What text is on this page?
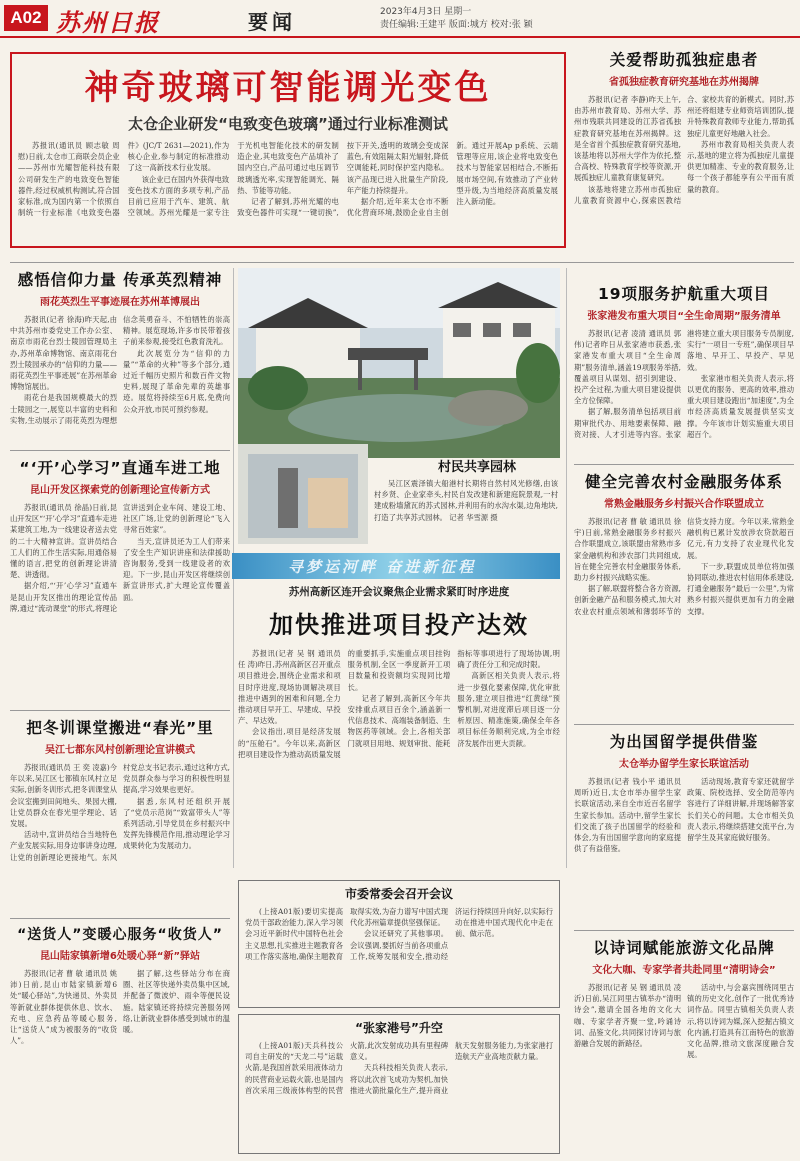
A02 苏州日报	要闻	2023年4月3日 星期一
责任编辑:王建平 版面:城方 校对:张 颖
神奇玻璃可智能调光变色
太仓企业研发“电致变色玻璃”通过行业标准测试

苏报讯(通讯员 顾志敏 周慰)日前,太仓市工商联会员企业——苏州市光耀智能科技有限公司研发生产的电致变色智能器件,经过权威机构测试,符合国家标准,成为国内第一个依照自制统一行业标准《电致变色器件》(JC/T 2631—2021),作为核心企业,参与制定的标准推动了这一高新技术行业发展。

该企业已在国内外获得电致变色技术方面的多项专利,产品目前已应用于汽车、建筑、航空领域。苏州光耀是一家专注于光机电智能化技术的研发制造企业,其电致变色产品填补了国内空白,产品可通过电压调节玻璃透光率,实现智能调光、隔热、节能等功能。

记者了解到,苏州光耀的电致变色器件可实现“一键切换”,按下开关,透明的玻璃会变成深蓝色,有效阻隔太阳光辐射,降低空调能耗,同时保护室内隐私。该产品现已进入批量生产阶段,年产能力持续提升。

据介绍,近年来太仓市不断优化营商环境,鼓励企业自主创新。通过开展Ap p系统、云端管理等应用,该企业将电致变色技术与智能家居相结合,不断拓展市场空间,有效推动了产业转型升级,为当地经济高质量发展注入新动能。

关爱帮助孤独症患者
省孤独症教育研究基地在苏州揭牌

苏报讯(记者 李静)昨天上午,由苏州市教育局、苏州大学、苏州市残联共同建设的江苏省孤独症教育研究基地在苏州揭牌。这是全省首个孤独症教育研究基地,该基地将以苏州大学作为依托,整合高校、特殊教育学校等资源,开展孤独症儿童教育康复研究。

该基地将建立苏州市孤独症儿童教育资源中心,探索医教结合、家校共育的新模式。同时,苏州还将组建专业师资培训团队,提升特殊教育教师专业能力,帮助孤独症儿童更好地融入社会。

苏州市教育局相关负责人表示,基地的建立将为孤独症儿童提供更加精准、专业的教育服务,让每一个孩子都能享有公平而有质量的教育。

感悟信仰力量 传承英烈精神
雨花英烈生平事迹展在苏州革博展出

苏报讯(记者 徐海)昨天起,由中共苏州市委党史工作办公室、南京市雨花台烈士陵园管理局主办,苏州革命博物馆、南京雨花台烈士陵园承办的“信仰的力量——雨花英烈生平事迹展”在苏州革命博物馆展出。

雨花台是我国规模最大的烈士陵园之一,展览以丰富的史料和实物,生动展示了雨花英烈为理想信念英勇奋斗、不怕牺牲的崇高精神。展览现场,许多市民带着孩子前来参观,接受红色教育洗礼。

此次展览分为“信仰的力量”“革命的火种”等多个部分,通过近千幅历史照片和数百件文物史料,展现了革命先辈的英雄事迹。展览将持续至6月底,免费向公众开放,市民可预约参观。

村民共享园林
吴江区震泽镇大船港村长期将自然村风光修缮,由该村乡贤、企业家牵头,村民自发改建和新建庭院景观,一村建成粉墙黛瓦的苏式园林,并利用有的水沟水渠,边角地块,打造了共享苏式园林。 记者 华雪源 摄
19项服务护航重大项目
张家港发布重大项目“全生命周期”服务清单

苏报讯(记者 凌清 通讯员 郭 伟)记者昨日从张家港市获悉,张家港发布重大项目“全生命周期”服务清单,涵盖19项服务举措,覆盖项目从谋划、招引到建设、投产全过程,为重大项目建设提供全方位保障。

据了解,服务清单包括项目前期审批代办、用地要素保障、融资对接、人才引进等内容。张家港将建立重大项目服务专员制度,实行“一项目一专班”,确保项目早落地、早开工、早投产、早见效。

张家港市相关负责人表示,将以更优的服务、更高的效率,推动重大项目建设跑出“加速度”,为全市经济高质量发展提供坚实支撑。今年该市计划实施重大项目超百个。

“‘开’心学习”直通车进工地
昆山开发区探索党的创新理论宣传新方式

苏报讯(通讯员 徐晶)日前,昆山开发区“‘开’心学习”直通车走进某建筑工地,为一线建设者送去党的二十大精神宣讲。宣讲员结合工人们的工作生活实际,用通俗易懂的语言,把党的创新理论讲清楚、讲透彻。

据介绍,“‘开’心学习”直通车是昆山开发区推出的理论宣传品牌,通过“流动课堂”的形式,将理论宣讲送到企业车间、建设工地、社区广场,让党的创新理论“飞入寻常百姓家”。

当天,宣讲员还为工人们带来了安全生产知识讲座和法律援助咨询服务,受到一线建设者的欢迎。下一步,昆山开发区将继续创新宣讲形式,扩大理论宣传覆盖面。

健全完善农村金融服务体系
常熟金融服务乡村振兴合作联盟成立

苏报讯(记者 曹 敏 通讯员 徐宇)日前,常熟金融服务乡村振兴合作联盟成立,该联盟由常熟市多家金融机构和涉农部门共同组成,旨在健全完善农村金融服务体系,助力乡村振兴战略实施。

据了解,联盟将整合各方资源,创新金融产品和服务模式,加大对农业农村重点领域和薄弱环节的信贷支持力度。今年以来,常熟金融机构已累计发放涉农贷款超百亿元,有力支持了农业现代化发展。

下一步,联盟成员单位将加强协同联动,推进农村信用体系建设,打通金融服务“最后一公里”,为常熟乡村振兴提供更加有力的金融支撑。

寻梦运河畔 奋进新征程
苏州高新区连开会议聚焦企业需求紧盯时序进度
加快推进项目投产达效

苏报讯(记者 吴 钢 通讯员 任 涛)昨日,苏州高新区召开重点项目推进会,围绕企业需求和项目时序进度,现场协调解决项目推进中遇到的困难和问题,全力推动项目早开工、早建成、早投产、早达效。

会议指出,项目是经济发展的“压舱石”。今年以来,高新区把项目建设作为推动高质量发展的重要抓手,实施重点项目挂钩服务机制,全区一季度新开工项目数量和投资额均实现同比增长。

记者了解到,高新区今年共安排重点项目百余个,涵盖新一代信息技术、高端装备制造、生物医药等领域。会上,各相关部门就项目用地、规划审批、能耗指标等事项进行了现场协调,明确了责任分工和完成时限。

高新区相关负责人表示,将进一步强化要素保障,优化审批服务,建立项目推进“红黄绿”预警机制,对进度滞后项目逐一分析原因、精准施策,确保全年各项目标任务顺利完成,为全市经济发展作出更大贡献。

把冬训课堂搬进“春光”里
吴江七都东风村创新理论宣讲模式

苏报讯(通讯员 王 奕 凌嘉)今年以来,吴江区七都镇东风村立足实际,创新冬训形式,把冬训课堂从会议室搬到田间地头、果园大棚,让党员群众在春光里学理论、话发展。

活动中,宣讲员结合当地特色产业发展实际,用身边事讲身边理,让党的创新理论更接地气。东风村党总支书记表示,通过这种方式,党员群众参与学习的积极性明显提高,学习效果也更好。

据悉,东风村还组织开展了“党员示范岗”“致富带头人”等系列活动,引导党员在乡村振兴中发挥先锋模范作用,推动理论学习成果转化为发展动力。

为出国留学提供借鉴
太仓举办留学生家长联谊活动

苏报讯(记者 钱小平 通讯员 周昕)近日,太仓市举办留学生家长联谊活动,来自全市近百名留学生家长参加。活动中,留学生家长们交流了孩子出国留学的经验和体会,为有出国留学意向的家庭提供了有益借鉴。

活动现场,教育专家还就留学政策、院校选择、安全防范等内容进行了详细讲解,并现场解答家长们关心的问题。太仓市相关负责人表示,将继续搭建交流平台,为留学生及其家庭做好服务。

市委常委会召开会议

(上接A01版)要切实提高党员干部政治能力,深入学习领会习近平新时代中国特色社会主义思想,扎实推进主题教育各项工作落实落地,确保主题教育取得实效,为奋力谱写中国式现代化苏州篇章提供坚强保证。

会议还研究了其他事项。会议强调,要抓好当前各项重点工作,统筹发展和安全,推动经济运行持续回升向好,以实际行动在推进中国式现代化中走在前、做示范。

“张家港号”升空

(上接A01版)天兵科技公司自主研发的“天龙二号”运载火箭,是我国首款采用液体动力的民营商业运载火箭,也是国内首次采用三级液体构型的民营火箭,此次发射成功具有里程碑意义。

天兵科技相关负责人表示,将以此次首飞成功为契机,加快推进火箭批量化生产,提升商业航天发射服务能力,为张家港打造航天产业高地贡献力量。

“送货人”变暖心服务“收货人”
昆山陆家镇新增6处暖心驿“新”驿站

苏报讯(记者 曹 敏 通讯员 姚沛)日前,昆山市陆家镇新增6处“暖心驿站”,为快递员、外卖员等新就业群体提供休息、饮水、充电、应急药品等暖心服务,让“送货人”成为被服务的“收货人”。

据了解,这些驿站分布在商圈、社区等快递外卖员集中区域,并配备了微波炉、雨伞等便民设施。陆家镇还将持续完善服务网络,让新就业群体感受到城市的温暖。

以诗词赋能旅游文化品牌
文化大咖、专家学者共赴同里“清明诗会”

苏报讯(记者 吴 钢 通讯员 凌沂)日前,吴江同里古镇举办“清明诗会”,邀请全国各地的文化大咖、专家学者齐聚一堂,吟诵诗词、品鉴文化,共同探讨诗词与旅游融合发展的新路径。

活动中,与会嘉宾围绕同里古镇的历史文化,创作了一批优秀诗词作品。同里古镇相关负责人表示,将以诗词为媒,深入挖掘古镇文化内涵,打造具有江南特色的旅游文化品牌,推动文旅深度融合发展。
